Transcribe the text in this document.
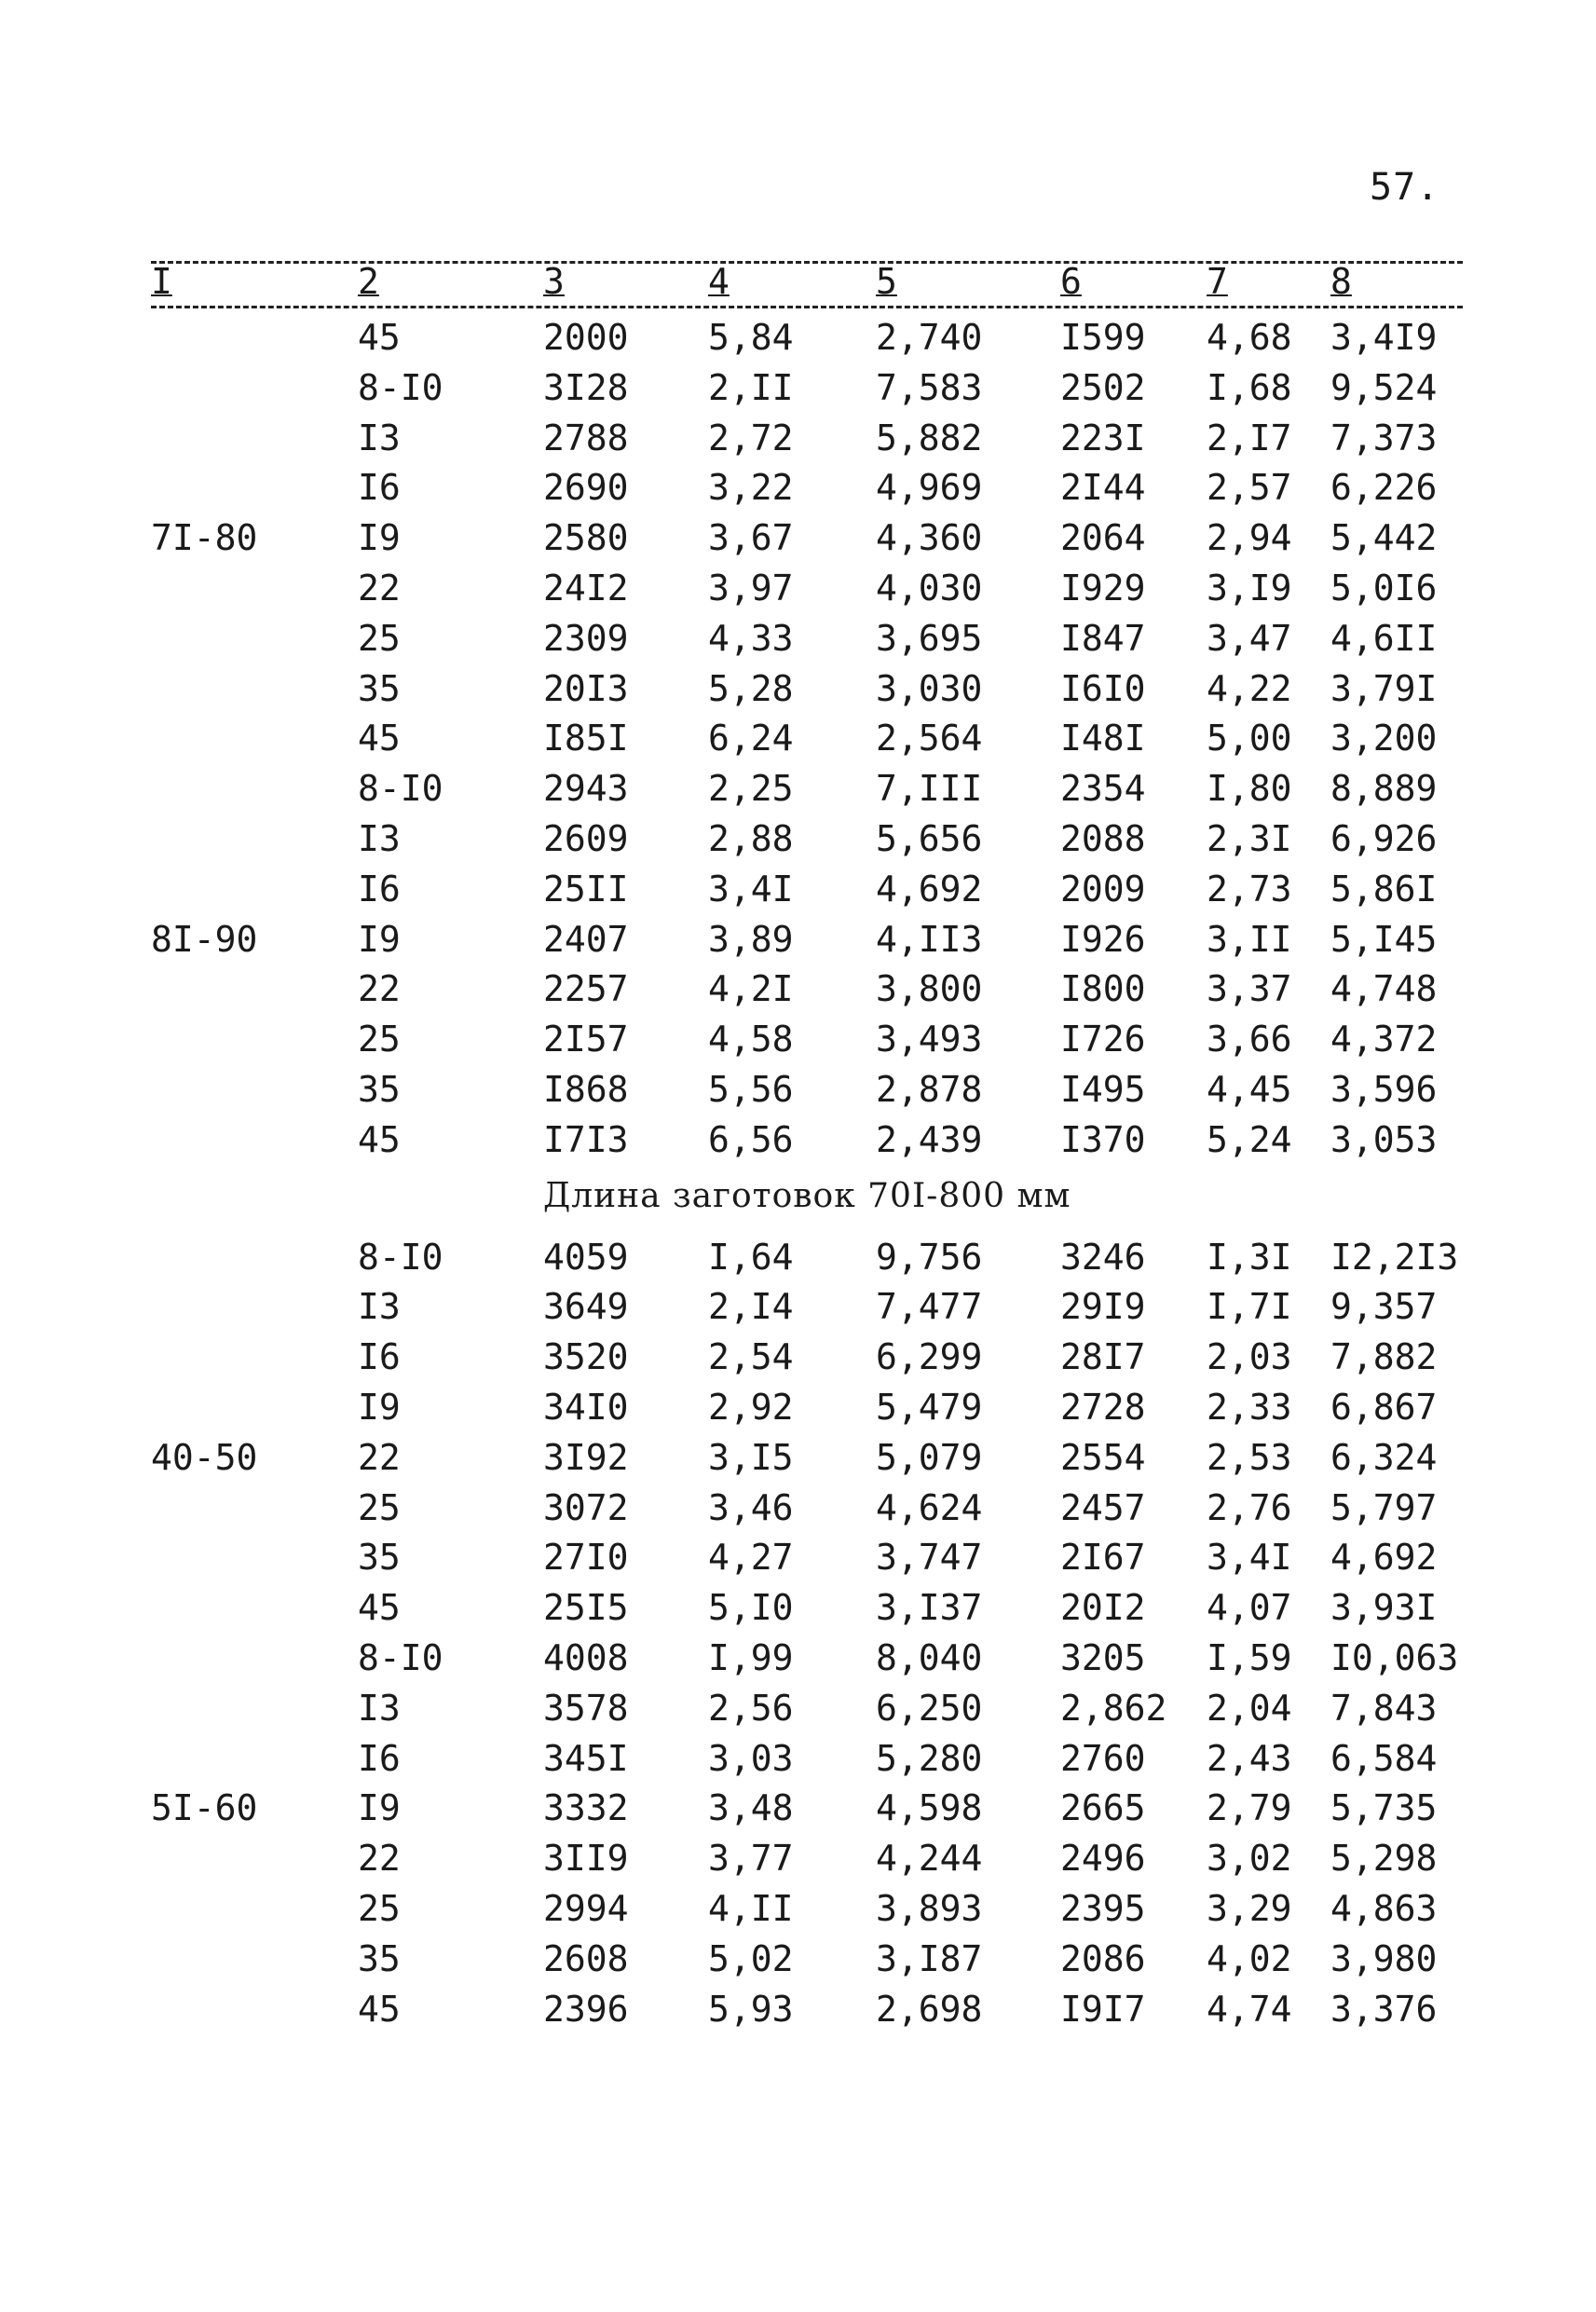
57.
I	2	3	4	5	6	7	8
45	2000 5,84 2,740 I599 4,68 3,4I9
8-I0	3I28 2,II 7,583 2502 I,68 9,524
I3	2788 2,72 5,882 223I 2,I7 7,373
I6	2690 3,22 4,969 2I44 2,57 6,226
7I-80	I9	2580 3,67 4,360 2064 2,94 5,442
22	24I2 3,97 4,030 I929 3,I9 5,0I6
25	2309 4,33 3,695 I847 3,47 4,6II
35	20I3 5,28 3,030 I6I0 4,22 3,79I
45	I85I 6,24 2,564 I48I 5,00 3,200
8-I0	2943 2,25 7,III 2354 I,80 8,889
I3	2609 2,88 5,656 2088 2,3I 6,926
I6	25II 3,4I 4,692 2009 2,73 5,86I
8I-90	I9	2407 3,89 4,II3 I926 3,II 5,I45
22	2257 4,2I 3,800 I800 3,37 4,748
25	2I57 4,58 3,493 I726 3,66 4,372
35	I868 5,56 2,878 I495 4,45 3,596
45	I7I3 6,56 2,439 I370 5,24 3,053
Длина заготовок 70I-800 мм
8-I0	4059 I,64 9,756 3246 I,3I I2,2I3
I3	3649 2,I4 7,477 29I9 I,7I 9,357
I6	3520 2,54 6,299 28I7 2,03 7,882
I9	34I0 2,92 5,479 2728 2,33 6,867
40-50	22	3I92 3,I5 5,079 2554 2,53 6,324
25	3072 3,46 4,624 2457 2,76 5,797
35	27I0 4,27 3,747 2I67 3,4I 4,692
45	25I5 5,I0 3,I37 20I2 4,07 3,93I
8-I0	4008 I,99 8,040 3205 I,59 I0,063
I3	3578 2,56 6,250 2,862 2,04 7,843
I6	345I 3,03 5,280 2760 2,43 6,584
5I-60	I9	3332 3,48 4,598 2665 2,79 5,735
22	3II9 3,77 4,244 2496 3,02 5,298
25	2994 4,II 3,893 2395 3,29 4,863
35	2608 5,02 3,I87 2086 4,02 3,980
45	2396 5,93 2,698 I9I7 4,74 3,376
